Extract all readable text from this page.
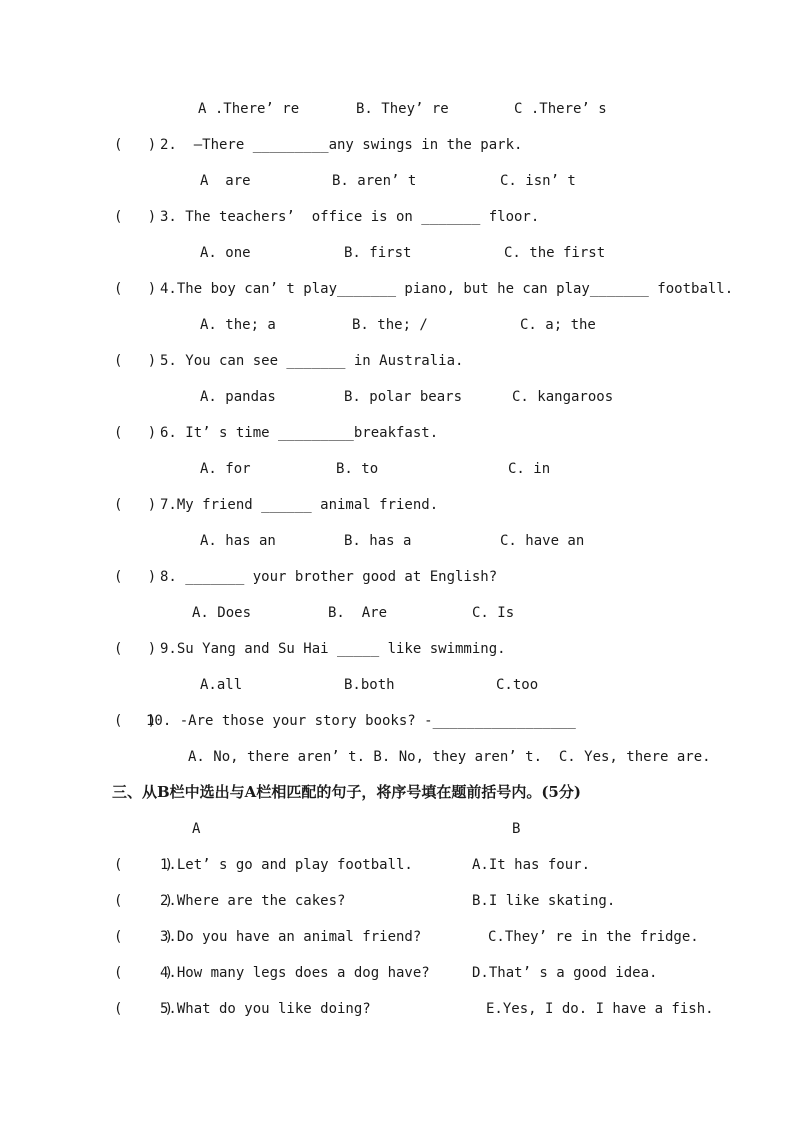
A .There’ re	B. They’ re	C .There’ s
(   ) 2.  –There _________any swings in the park.
A  are	B. aren’ t	C. isn’ t
(   ) 3. The teachers’  office is on _______ floor.
A. one	B. first	C. the first
(   ) 4.The boy can’ t play_______ piano, but he can play_______ football.
A. the; a	B. the; /	C. a; the
(   ) 5. You can see _______ in Australia.
A. pandas	B. polar bears	C. kangaroos
(   ) 6. It’ s time _________breakfast.
A. for	B. to	C. in
(   ) 7.My friend ______ animal friend.
A. has an	B. has a	C. have an
(   ) 8. _______ your brother good at English?
A. Does	B.  Are	C. Is
(   ) 9.Su Yang and Su Hai _____ like swimming.
A.all	B.both	C.too
(   )
10. -Are those your story books? -_________________
A. No, there aren’ t. B. No, they aren’ t.  C. Yes, there are.
三、从B栏中选出与A栏相匹配的句子，将序号填在题前括号内。(5分)
A	B
(     )
1.Let’ s go and play football.	A.It has four.
(     )
2.Where are the cakes?	B.I like skating.
(     )
3.Do you have an animal friend?	C.They’ re in the fridge.
(     )
4.How many legs does a dog have?	D.That’ s a good idea.
(     )
5.What do you like doing?	E.Yes, I do. I have a fish.
